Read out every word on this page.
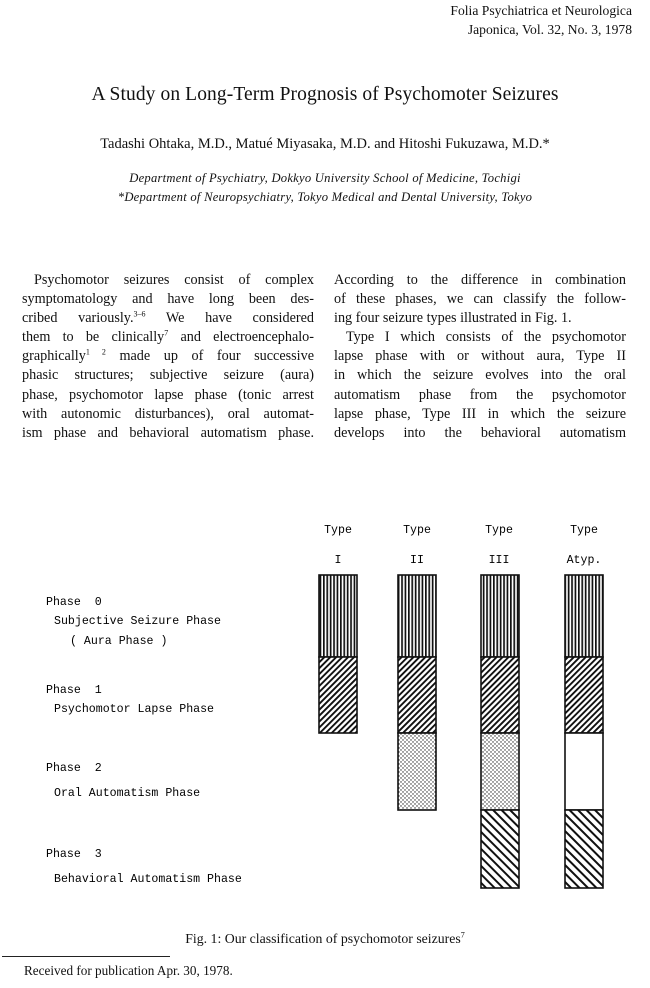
Folia Psychiatrica et Neurologica
Japonica, Vol. 32, No. 3, 1978
A Study on Long-Term Prognosis of Psychomoter Seizures
Tadashi Ohtaka, M.D., Matué Miyasaka, M.D. and Hitoshi Fukuzawa, M.D.*
Department of Psychiatry, Dokkyo University School of Medicine, Tochigi
*Department of Neuropsychiatry, Tokyo Medical and Dental University, Tokyo
Psychomotor seizures consist of complex
symptomatology and have long been des-
cribed variously.$^{3-6}$ We have considered
them to be clinically$^7$ and electroencephalo-
graphically$^{1 2}$ made up of four successive
phasic structures; subjective seizure (aura)
phase, psychomotor lapse phase (tonic arrest
with autonomic disturbances), oral automat-
ism phase and behavioral automatism phase.
According to the difference in combination
of these phases, we can classify the follow-
ing four seizure types illustrated in Fig. 1.
Type I which consists of the psychomotor
lapse phase with or without aura, Type II
in which the seizure evolves into the oral
automatism phase from the psychomotor
lapse phase, Type III in which the seizure
develops into the behavioral automatism
Type	Type	Type	Type
I	II	III	Atyp.
Phase  0
Subjective Seizure Phase
( Aura Phase )
Phase  1
Psychomotor Lapse Phase
Phase  2
Oral Automatism Phase
Phase  3
Behavioral Automatism Phase
Fig. 1: Our classification of psychomotor seizures$^7$
Received for publication Apr. 30, 1978.
